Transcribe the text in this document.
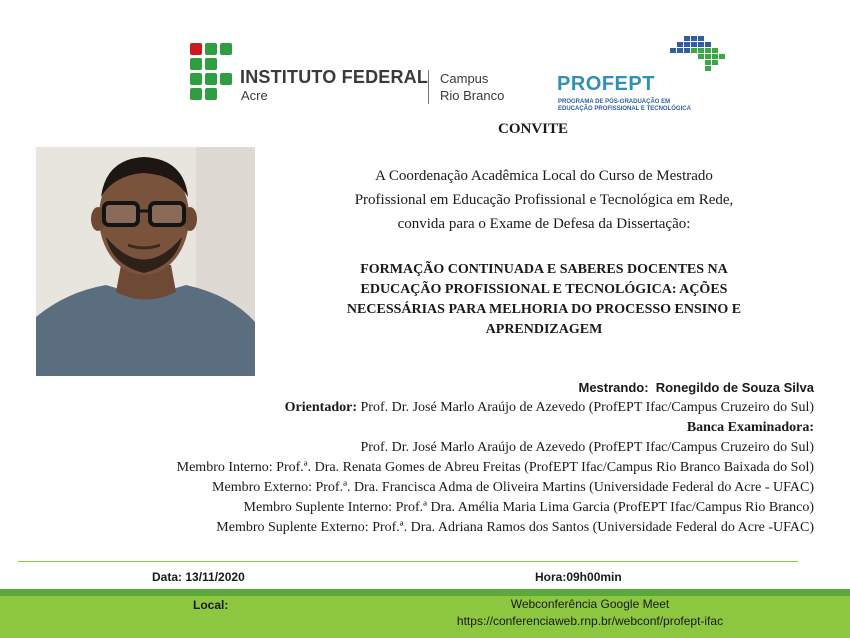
INSTITUTO FEDERAL
Acre
Campus
Rio Branco
PROFEPT
PROGRAMA DE PÓS-GRADUAÇÃO EM
EDUCAÇÃO PROFISSIONAL E TECNOLÓGICA
CONVITE
A Coordenação Acadêmica Local do Curso de Mestrado
Profissional em Educação Profissional e Tecnológica em Rede,
convida para o Exame de Defesa da Dissertação:
FORMAÇÃO CONTINUADA E SABERES DOCENTES NA
EDUCAÇÃO PROFISSIONAL E TECNOLÓGICA: AÇÕES
NECESSÁRIAS PARA MELHORIA DO PROCESSO ENSINO E
APRENDIZAGEM
Mestrando: Ronegildo de Souza Silva
Orientador: Prof. Dr. José Marlo Araújo de Azevedo (ProfEPT Ifac/Campus Cruzeiro do Sul)
Banca Examinadora:
Prof. Dr. José Marlo Araújo de Azevedo (ProfEPT Ifac/Campus Cruzeiro do Sul)
Membro Interno: Prof.ª. Dra. Renata Gomes de Abreu Freitas (ProfEPT Ifac/Campus Rio Branco Baixada do Sol)
Membro Externo: Prof.ª. Dra. Francisca Adma de Oliveira Martins (Universidade Federal do Acre - UFAC)
Membro Suplente Interno: Prof.ª Dra. Amélia Maria Lima Garcia (ProfEPT Ifac/Campus Rio Branco)
Membro Suplente Externo: Prof.ª. Dra. Adriana Ramos dos Santos (Universidade Federal do Acre -UFAC)
Data: 13/11/2020	Hora:09h00min
Local:	Webconferência Google Meet
https://conferenciaweb.rnp.br/webconf/profept-ifac
